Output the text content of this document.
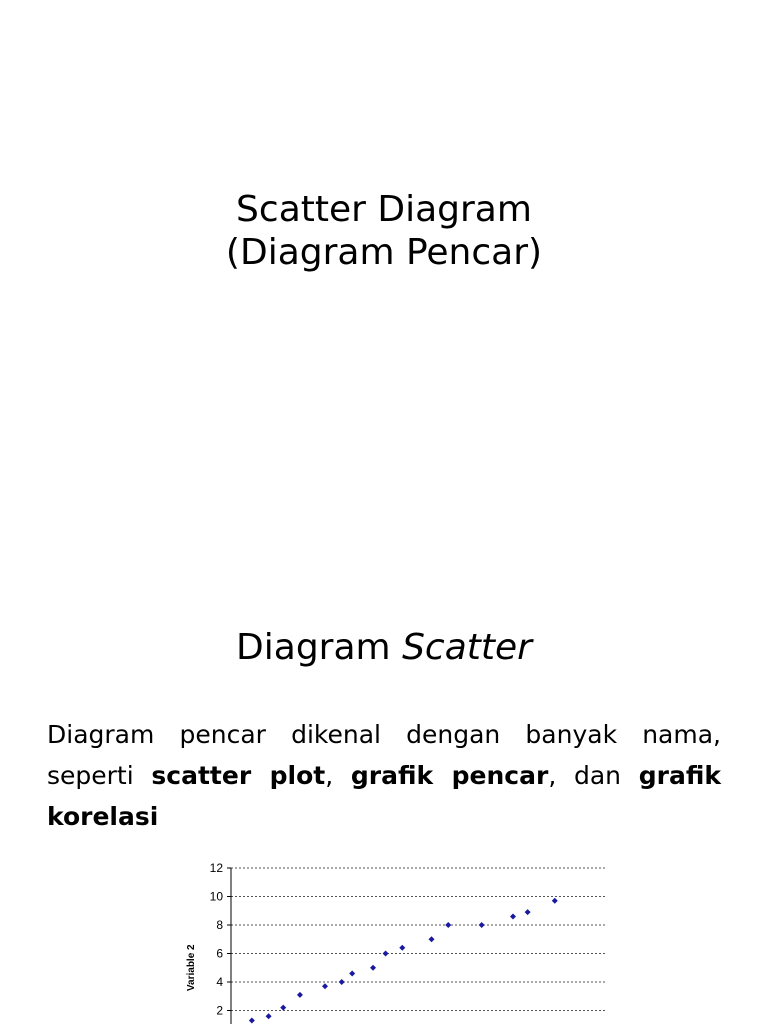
Scatter Diagram
(Diagram Pencar)
Diagram Scatter
Diagram pencar dikenal dengan banyak nama, seperti scatter plot, grafik pencar, dan grafik korelasi
12
10
8
6
4
2
Variable 2
